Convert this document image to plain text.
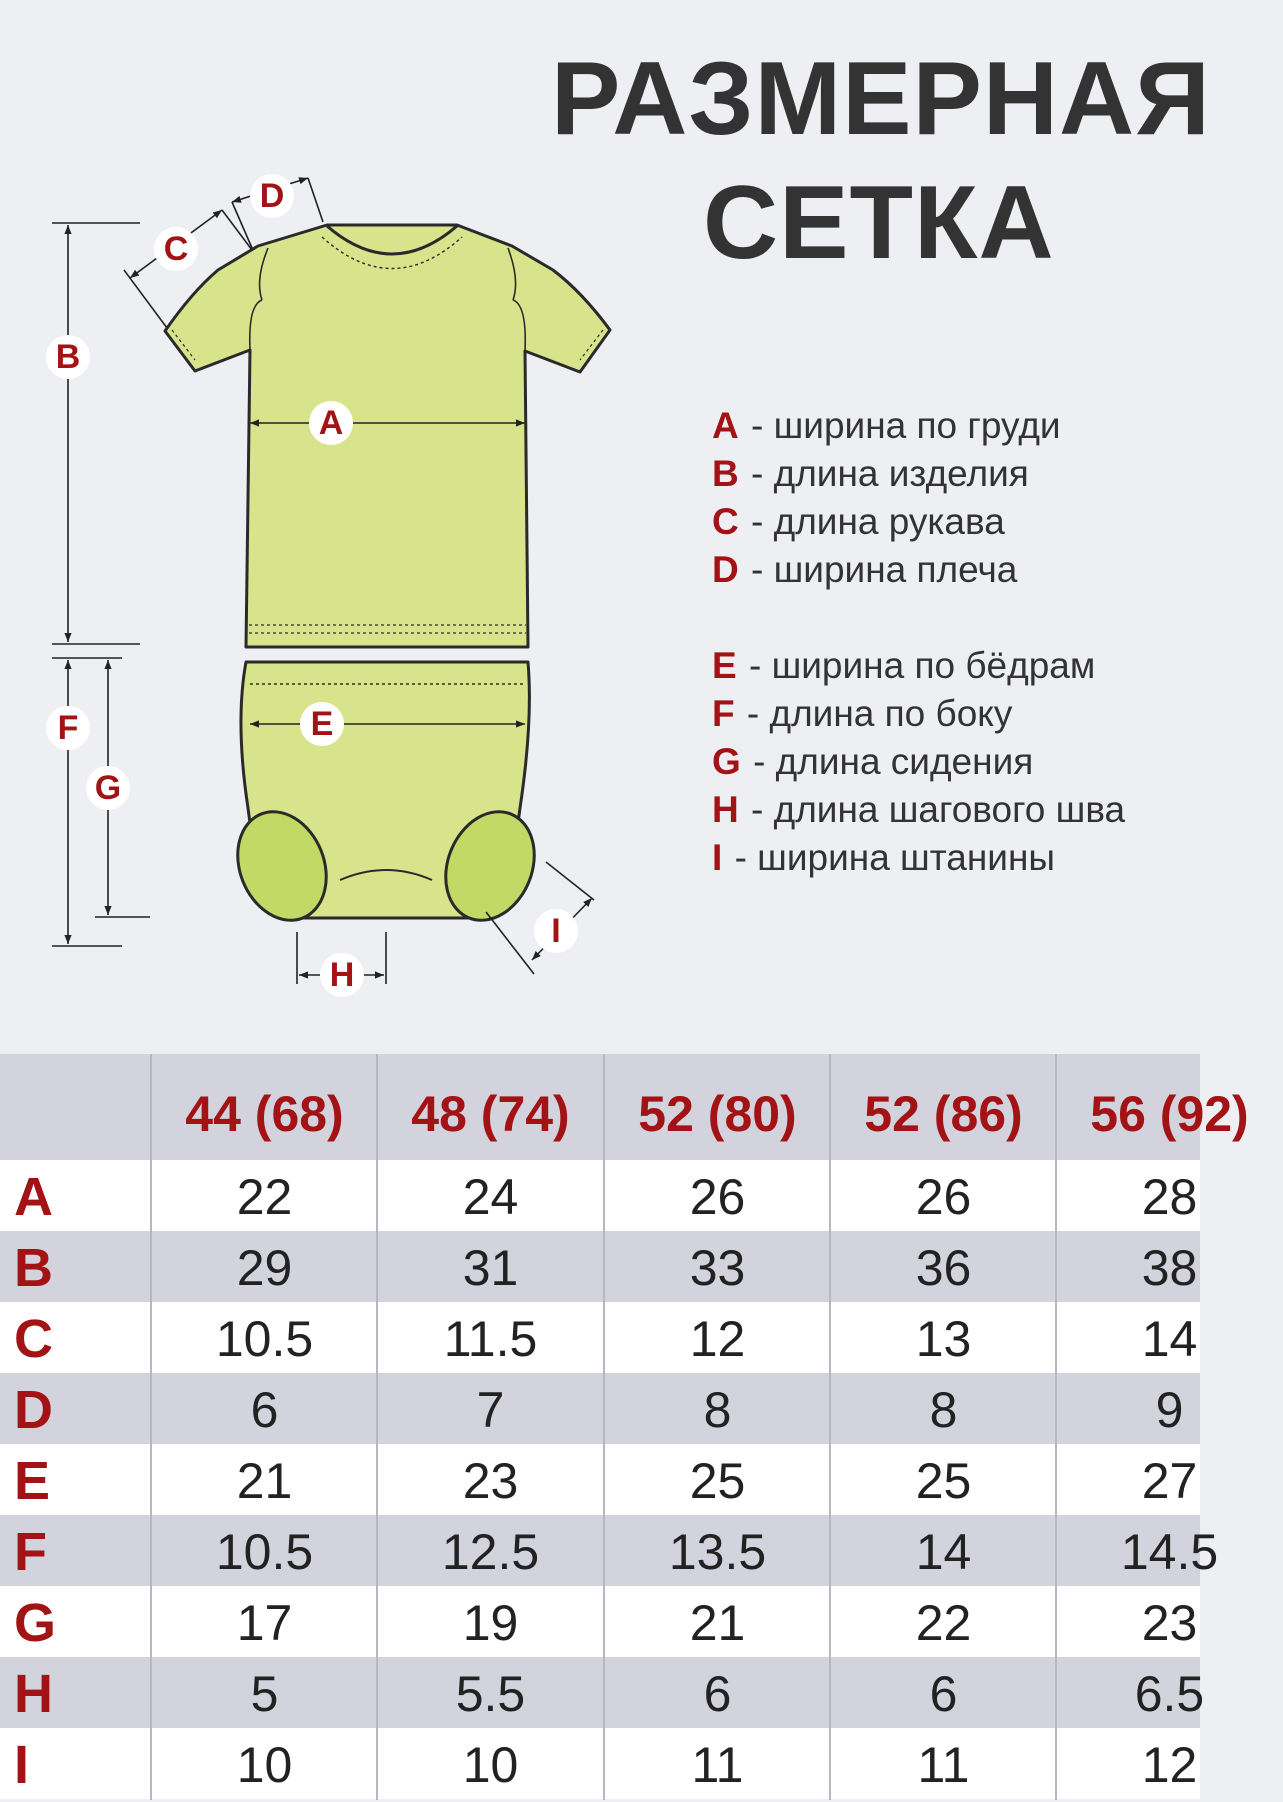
РАЗМЕРНАЯ
СЕТКА
A
B
C
D
E
F
G
H
I
A - ширина по груди
B - длина изделия
C - длина рукава
D - ширина плеча
E - ширина по бёдрам
F - длина по боку
G - длина сидения
H - длина шагового шва
I - ширина штанины
44 (68)	48 (74)	52 (80)	52 (86)	56 (92)
A	22	24	26	26	28
B	29	31	33	36	38
C	10.5	11.5	12	13	14
D	6	7	8	8	9
E	21	23	25	25	27
F	10.5	12.5	13.5	14	14.5
G	17	19	21	22	23
H	5	5.5	6	6	6.5
I	10	10	11	11	12
